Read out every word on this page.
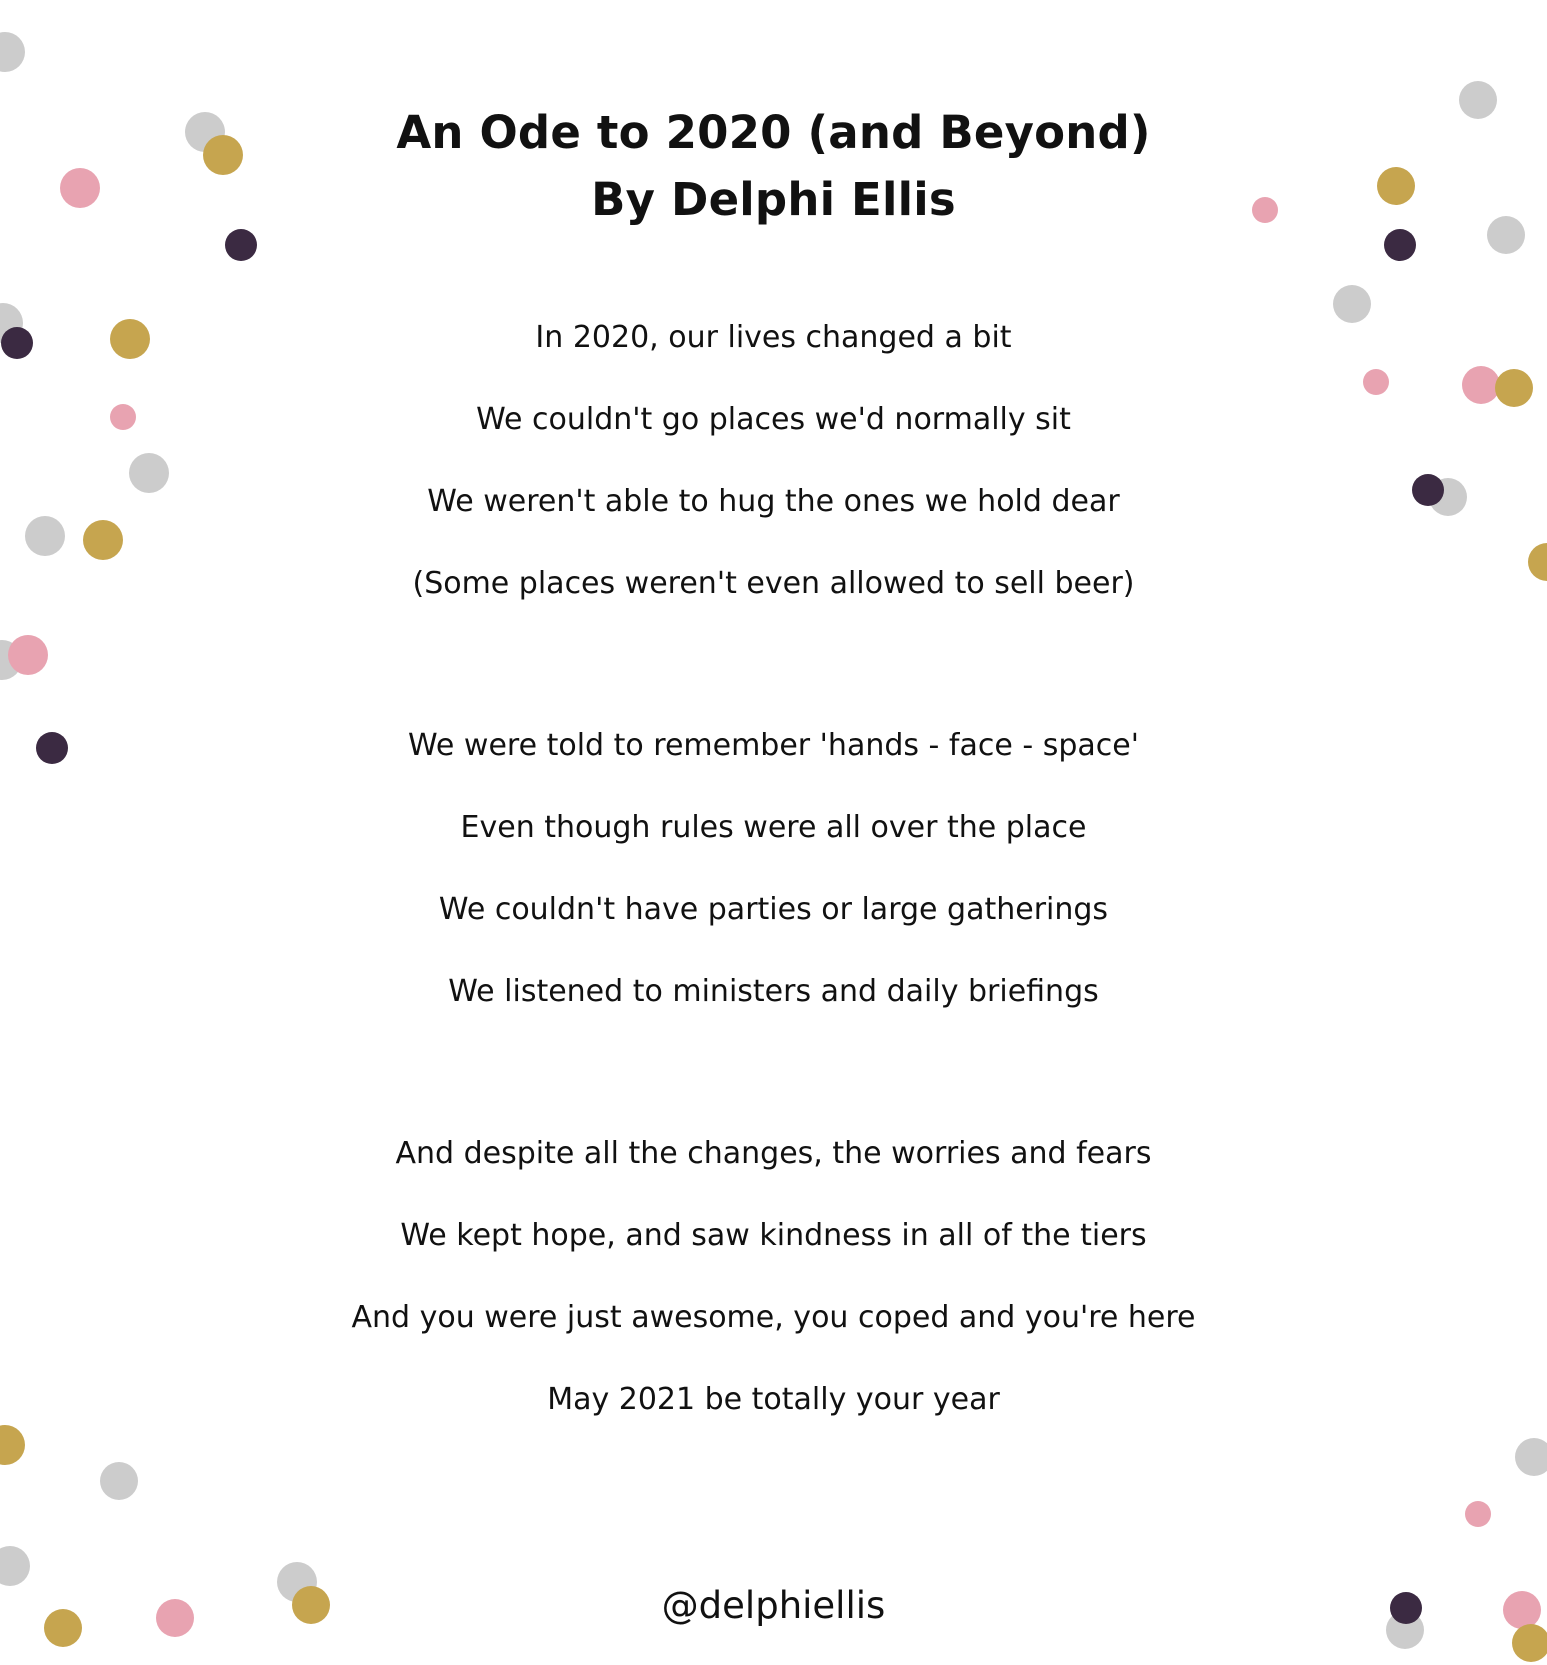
An Ode to 2020 (and Beyond)
By Delphi Ellis
In 2020, our lives changed a bit
We couldn't go places we'd normally sit
We weren't able to hug the ones we hold dear
(Some places weren't even allowed to sell beer)
We were told to remember 'hands - face - space'
Even though rules were all over the place
We couldn't have parties or large gatherings
We listened to ministers and daily briefings
And despite all the changes, the worries and fears
We kept hope, and saw kindness in all of the tiers
And you were just awesome, you coped and you're here
May 2021 be totally your year
@delphiellis
